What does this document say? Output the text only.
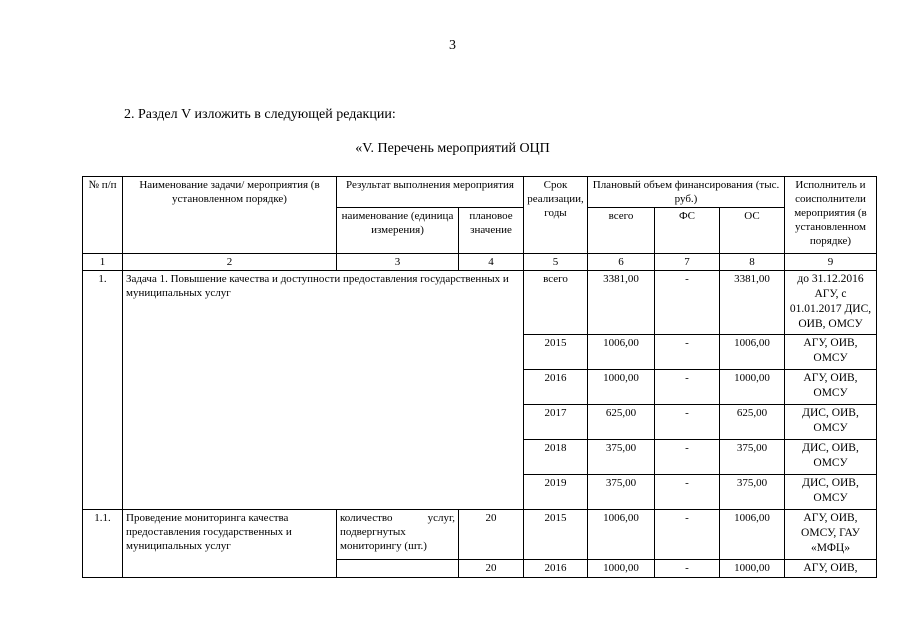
3
2. Раздел V изложить в следующей редакции:
«V. Перечень мероприятий ОЦП
№ п/п	Наименование задачи/ мероприятия (в установленном порядке)	Результат выполнения мероприятия		Срок реализации, годы	Плановый объем финансирования (тыс. руб.)			Исполнитель и соисполнители мероприятия (в установленном порядке)
		наименование (единица измерения)	плановое значение		всего	ФС	ОС	
1	2	3	4	5	6	7	8	9
1.	Задача 1. Повышение качества и доступности предоставления государственных и муниципальных услуг			всего	3381,00	-	3381,00	до 31.12.2016 АГУ, с 01.01.2017 ДИС, ОИВ, ОМСУ
				2015	1006,00	-	1006,00	АГУ, ОИВ, ОМСУ
				2016	1000,00	-	1000,00	АГУ, ОИВ, ОМСУ
				2017	625,00	-	625,00	ДИС, ОИВ, ОМСУ
				2018	375,00	-	375,00	ДИС, ОИВ, ОМСУ
				2019	375,00	-	375,00	ДИС, ОИВ, ОМСУ
1.1.	Проведение мониторинга качества предоставления государственных и муниципальных услуг	количество услуг, подвергнутых мониторингу (шт.)	20	2015	1006,00	-	1006,00	АГУ, ОИВ, ОМСУ, ГАУ «МФЦ»
			20	2016	1000,00	-	1000,00	АГУ, ОИВ,
